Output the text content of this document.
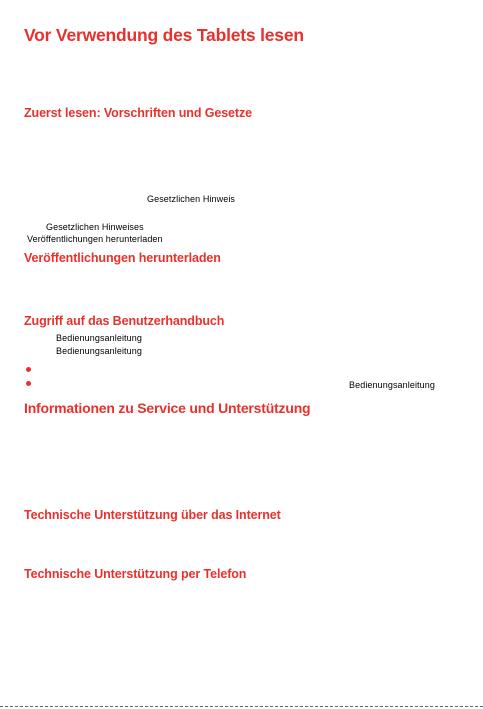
Vor Verwendung des Tablets lesen
Zuerst lesen: Vorschriften und Gesetze
Gesetzlichen Hinweis
Gesetzlichen Hinweises
Veröffentlichungen herunterladen
Veröffentlichungen herunterladen
Zugriff auf das Benutzerhandbuch
Bedienungsanleitung
Bedienungsanleitung
Bedienungsanleitung
Informationen zu Service und Unterstützung
Technische Unterstützung über das Internet
Technische Unterstützung per Telefon
